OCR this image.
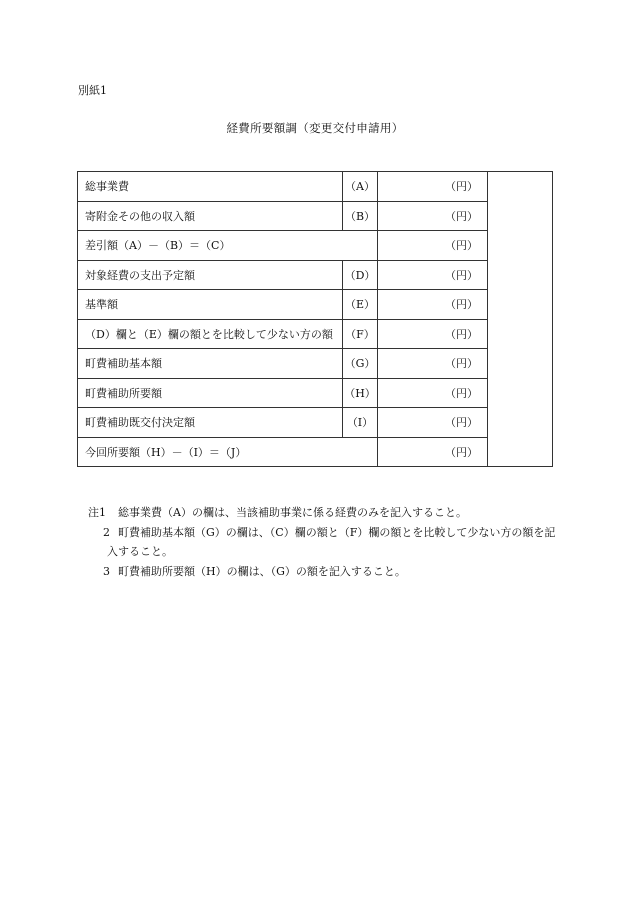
別紙1
経費所要額調（変更交付申請用）
総事業費	（A）	（円）	
寄附金その他の収入額	（B）	（円）	
差引額（A）－（B）＝（C）		（円）	
対象経費の支出予定額	（D）	（円）	
基準額	（E）	（円）	
（D）欄と（E）欄の額とを比較して少ない方の額	（F）	（円）	
町費補助基本額	（G）	（円）	
町費補助所要額	（H）	（円）	
町費補助既交付決定額	（I）	（円）	
今回所要額（H）－（I）＝（J）		（円）	
注1 総事業費（A）の欄は、当該補助事業に係る経費のみを記入すること。
2 町費補助基本額（G）の欄は、（C）欄の額と（F）欄の額とを比較して少ない方の額を記
入すること。
3 町費補助所要額（H）の欄は、（G）の額を記入すること。
